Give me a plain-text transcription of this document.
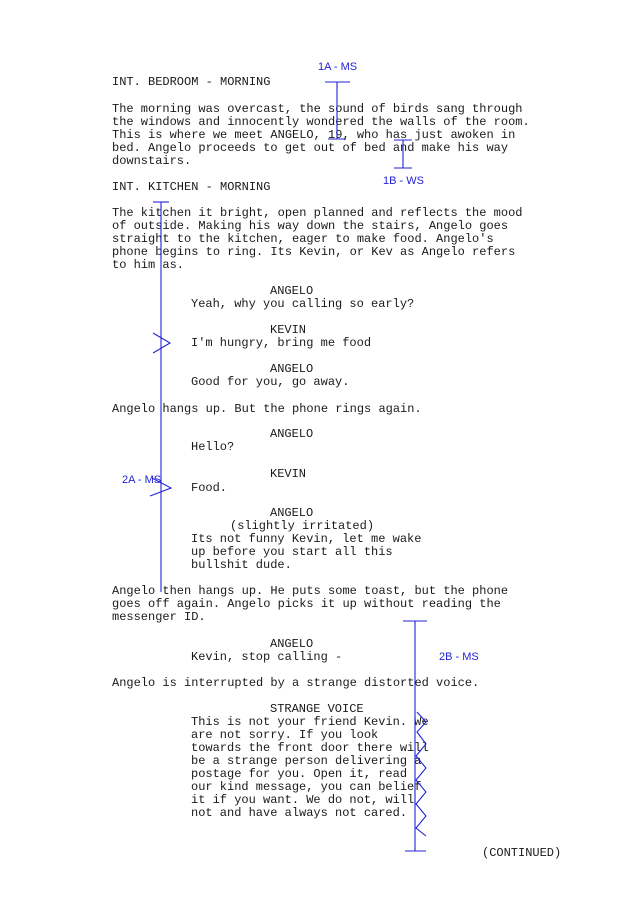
INT. BEDROOM - MORNING
The morning was overcast, the sound of birds sang through
the windows and innocently wondered the walls of the room.
This is where we meet ANGELO, 19, who has just awoken in
bed. Angelo proceeds to get out of bed and make his way
downstairs.
INT. KITCHEN - MORNING
The kitchen it bright, open planned and reflects the mood
of outside. Making his way down the stairs, Angelo goes
straight to the kitchen, eager to make food. Angelo's
phone begins to ring. Its Kevin, or Kev as Angelo refers
to him as.
ANGELO
Yeah, why you calling so early?
KEVIN
I'm hungry, bring me food
ANGELO
Good for you, go away.
Angelo hangs up. But the phone rings again.
ANGELO
Hello?
KEVIN
Food.
ANGELO
(slightly irritated)
Its not funny Kevin, let me wake
up before you start all this
bullshit dude.
Angelo then hangs up. He puts some toast, but the phone
goes off again. Angelo picks it up without reading the
messenger ID.
ANGELO
Kevin, stop calling -
Angelo is interrupted by a strange distorted voice.
STRANGE VOICE
This is not your friend Kevin. We
are not sorry. If you look
towards the front door there will
be a strange person delivering a
postage for you. Open it, read
our kind message, you can belief
it if you want. We do not, will
not and have always not cared.
(CONTINUED)
1A - MS
1B - WS
2A - MS
2B - MS
